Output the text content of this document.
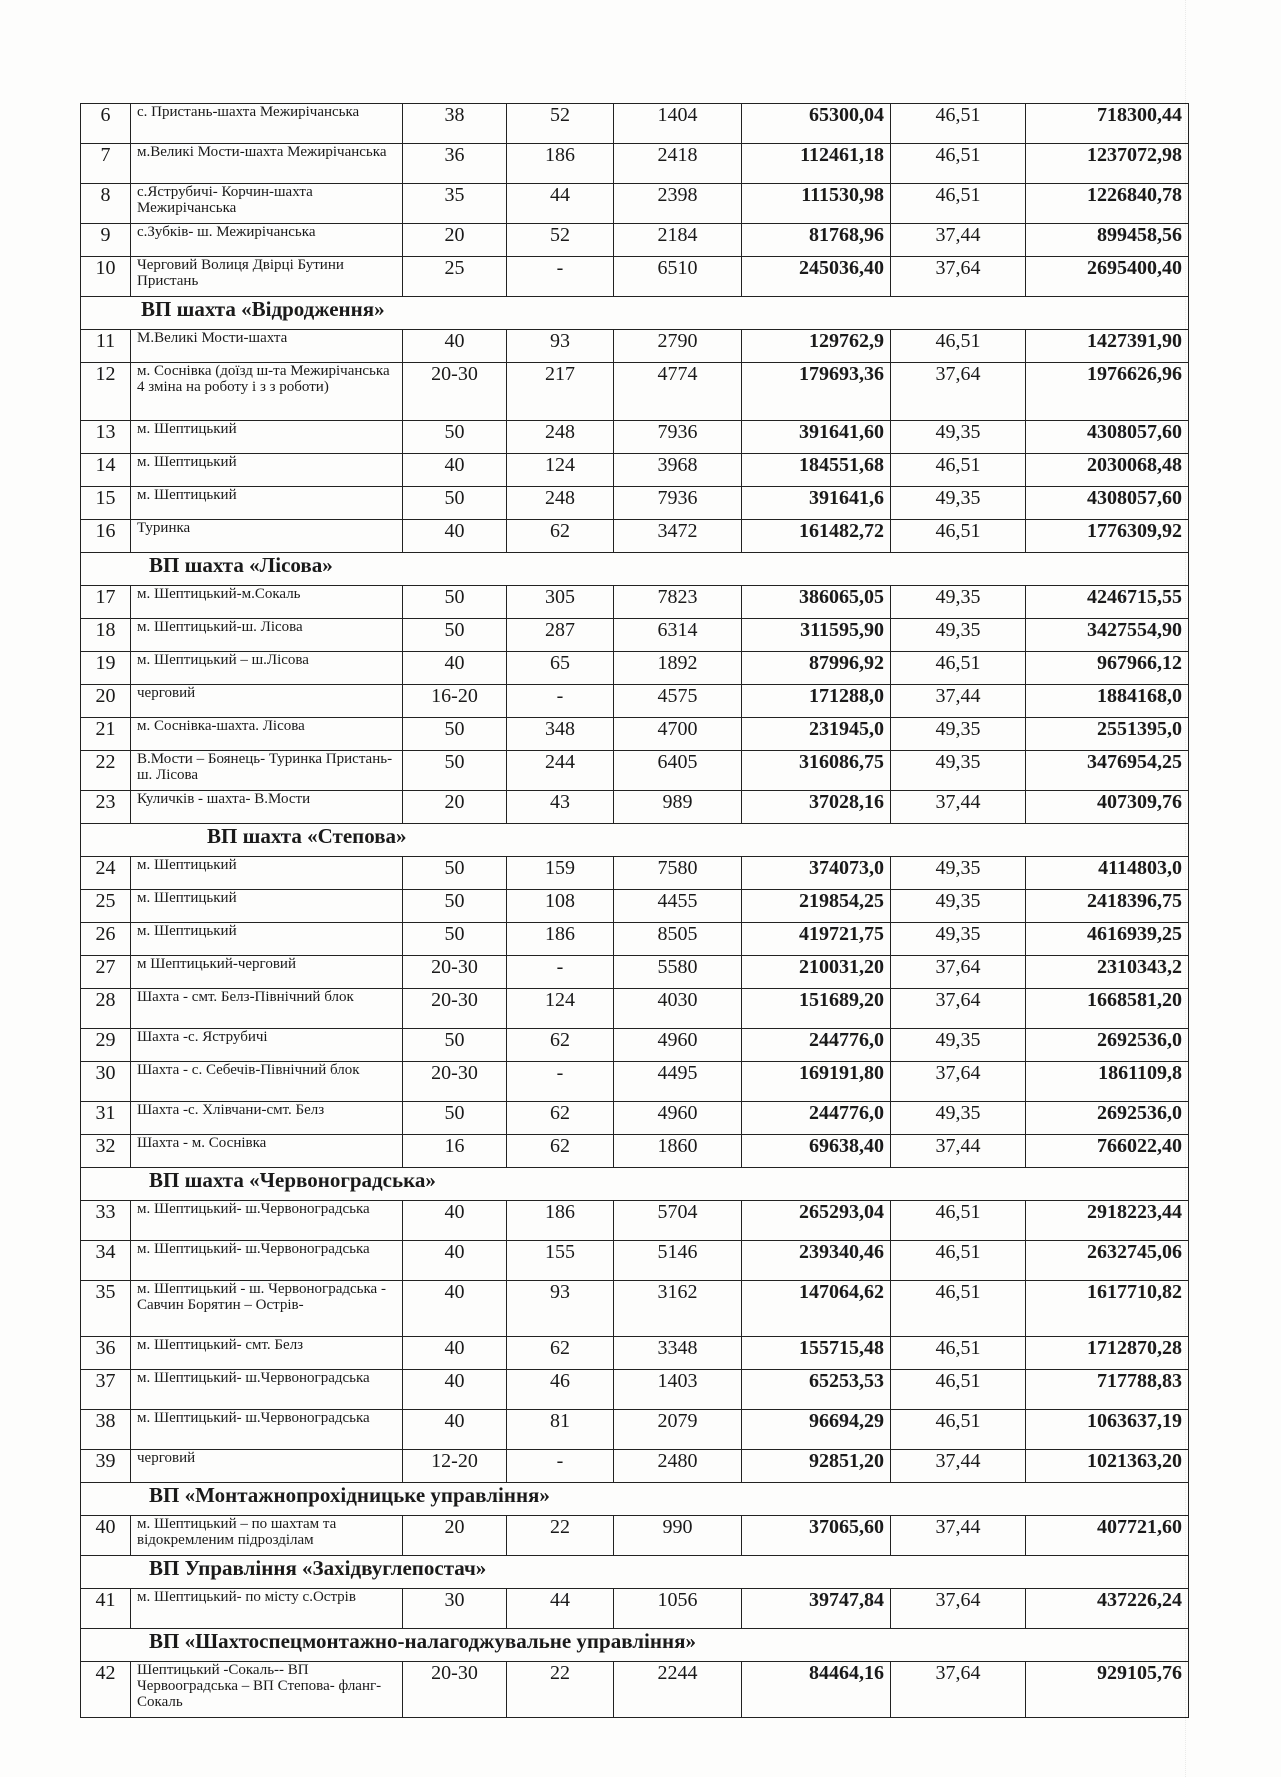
6	с. Пристань-шахта Межирічанська	38	52	1404	65300,04	46,51	718300,44
7	м.Великі Мости-шахта Межирічанська	36	186	2418	112461,18	46,51	1237072,98
8	с.Яструбичі- Корчин-шахта Межирічанська	35	44	2398	111530,98	46,51	1226840,78
9	с.Зубків- ш. Межирічанська	20	52	2184	81768,96	37,44	899458,56
10	Черговий Волиця Двірці Бутини Пристань	25	-	6510	245036,40	37,64	2695400,40
ВП шахта «Відродження»							
11	М.Великі Мости-шахта	40	93	2790	129762,9	46,51	1427391,90
12	м. Соснівка (доїзд ш-та Межирічанська 4 зміна на роботу і з з роботи)	20-30	217	4774	179693,36	37,64	1976626,96
13	м. Шептицький	50	248	7936	391641,60	49,35	4308057,60
14	м. Шептицький	40	124	3968	184551,68	46,51	2030068,48
15	м. Шептицький	50	248	7936	391641,6	49,35	4308057,60
16	Туринка	40	62	3472	161482,72	46,51	1776309,92
ВП шахта «Лісова»							
17	м. Шептицький-м.Сокаль	50	305	7823	386065,05	49,35	4246715,55
18	м. Шептицький-ш. Лісова	50	287	6314	311595,90	49,35	3427554,90
19	м. Шептицький – ш.Лісова	40	65	1892	87996,92	46,51	967966,12
20	черговий	16-20	-	4575	171288,0	37,44	1884168,0
21	м. Соснівка-шахта. Лісова	50	348	4700	231945,0	49,35	2551395,0
22	В.Мости – Боянець- Туринка Пристань- ш. Лісова	50	244	6405	316086,75	49,35	3476954,25
23	Куличків - шахта- В.Мости	20	43	989	37028,16	37,44	407309,76
ВП шахта «Степова»							
24	м. Шептицький	50	159	7580	374073,0	49,35	4114803,0
25	м. Шептицький	50	108	4455	219854,25	49,35	2418396,75
26	м. Шептицький	50	186	8505	419721,75	49,35	4616939,25
27	м Шептицький-черговий	20-30	-	5580	210031,20	37,64	2310343,2
28	Шахта - смт. Белз-Північний блок	20-30	124	4030	151689,20	37,64	1668581,20
29	Шахта -с. Яструбичі	50	62	4960	244776,0	49,35	2692536,0
30	Шахта - с. Себечів-Північний блок	20-30	-	4495	169191,80	37,64	1861109,8
31	Шахта -с. Хлівчани-смт. Белз	50	62	4960	244776,0	49,35	2692536,0
32	Шахта - м. Соснівка	16	62	1860	69638,40	37,44	766022,40
ВП шахта «Червоноградська»							
33	м. Шептицький- ш.Червоноградська	40	186	5704	265293,04	46,51	2918223,44
34	м. Шептицький- ш.Червоноградська	40	155	5146	239340,46	46,51	2632745,06
35	м. Шептицький - ш. Червоноградська - Савчин Борятин – Острів-	40	93	3162	147064,62	46,51	1617710,82
36	м. Шептицький- смт. Белз	40	62	3348	155715,48	46,51	1712870,28
37	м. Шептицький- ш.Червоноградська	40	46	1403	65253,53	46,51	717788,83
38	м. Шептицький- ш.Червоноградська	40	81	2079	96694,29	46,51	1063637,19
39	черговий	12-20	-	2480	92851,20	37,44	1021363,20
ВП «Монтажнопрохідницьке управління»							
40	м. Шептицький – по шахтам та відокремленим підрозділам	20	22	990	37065,60	37,44	407721,60
ВП Управління «Західвуглепостач»							
41	м. Шептицький- по місту с.Острів	30	44	1056	39747,84	37,64	437226,24
ВП «Шахтоспецмонтажно-налагоджувальне управління»							
42	Шептицький -Сокаль-- ВП Червоогрaдська – ВП Степова- фланг-Сокаль	20-30	22	2244	84464,16	37,64	929105,76
